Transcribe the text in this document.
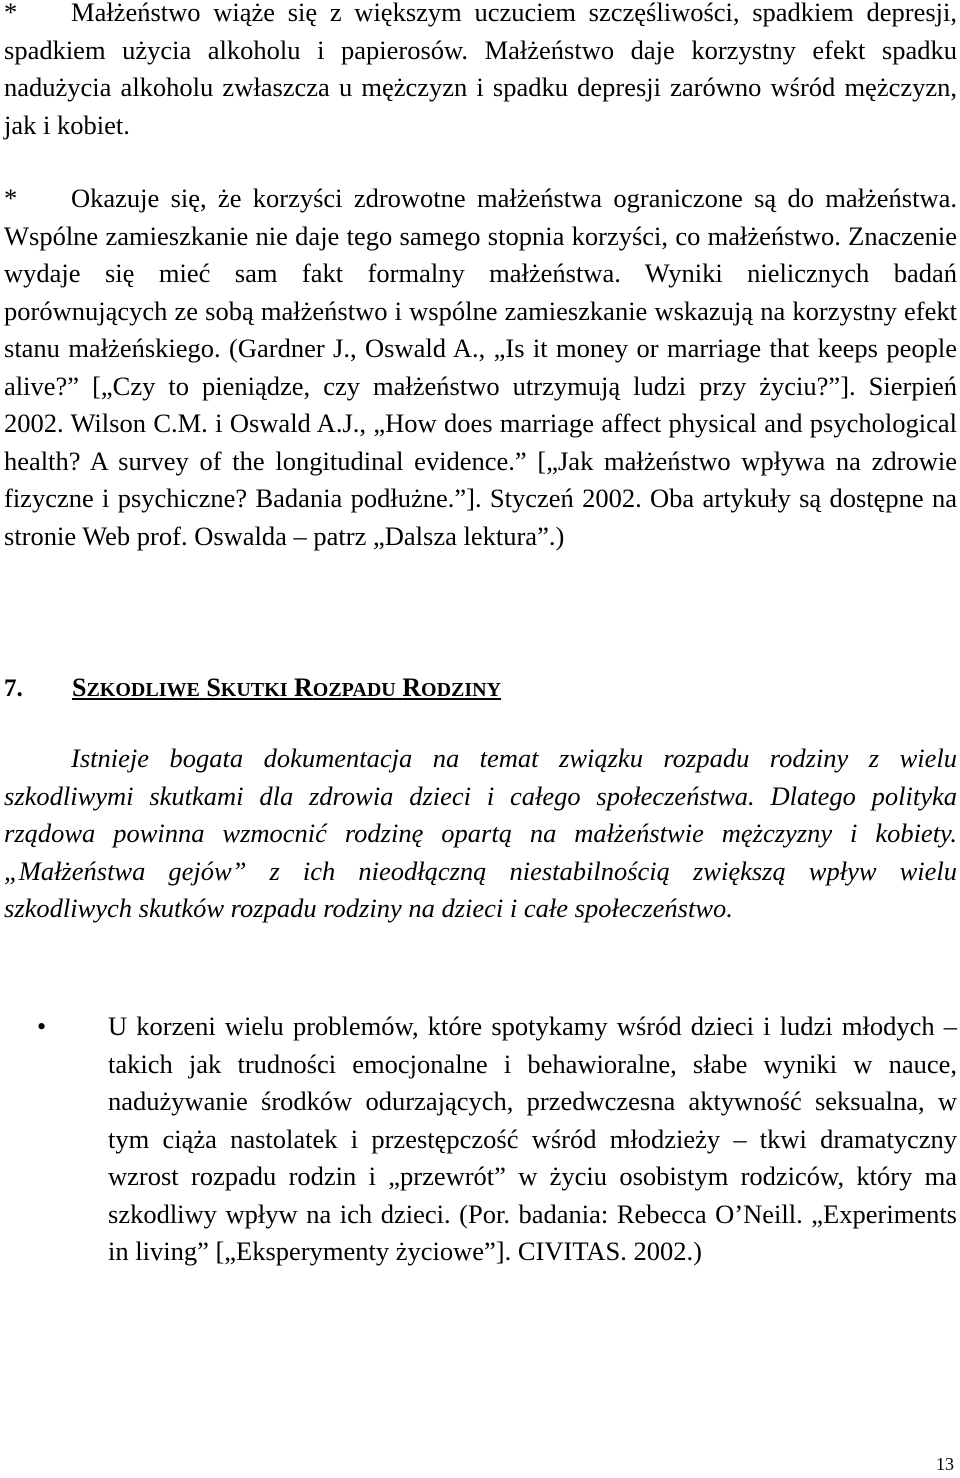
* Małżeństwo wiąże się z większym uczuciem szczęśliwości, spadkiem depresji, spadkiem użycia alkoholu i papierosów. Małżeństwo daje korzystny efekt spadku nadużycia alkoholu zwłaszcza u mężczyzn i spadku depresji zarówno wśród mężczyzn, jak i kobiet.

* Okazuje się, że korzyści zdrowotne małżeństwa ograniczone są do małżeństwa. Wspólne zamieszkanie nie daje tego samego stopnia korzyści, co małżeństwo. Znaczenie wydaje się mieć sam fakt formalny małżeństwa. Wyniki nielicznych badań porównujących ze sobą małżeństwo i wspólne zamieszkanie wskazują na korzystny efekt stanu małżeńskiego. (Gardner J., Oswald A., „Is it money or marriage that keeps people alive?” [„Czy to pieniądze, czy małżeństwo utrzymują ludzi przy życiu?”]. Sierpień 2002. Wilson C.M. i Oswald A.J., „How does marriage affect physical and psychological health? A survey of the longitudinal evidence.” [„Jak małżeństwo wpływa na zdrowie fizyczne i psychiczne? Badania podłużne.”]. Styczeń 2002. Oba artykuły są dostępne na stronie Web prof. Oswalda – patrz „Dalsza lektura”.)

7. SZKODLIWE SKUTKI ROZPADU RODZINY

Istnieje bogata dokumentacja na temat związku rozpadu rodziny z wielu szkodliwymi skutkami dla zdrowia dzieci i całego społeczeństwa. Dlatego polityka rządowa powinna wzmocnić rodzinę opartą na małżeństwie mężczyzny i kobiety. „Małżeństwa gejów” z ich nieodłączną niestabilnością zwiększą wpływ wielu szkodliwych skutków rozpadu rodziny na dzieci i całe społeczeństwo.

• U korzeni wielu problemów, które spotykamy wśród dzieci i ludzi młodych – takich jak trudności emocjonalne i behawioralne, słabe wyniki w nauce, nadużywanie środków odurzających, przedwczesna aktywność seksualna, w tym ciąża nastolatek i przestępczość wśród młodzieży – tkwi dramatyczny wzrost rozpadu rodzin i „przewrót” w życiu osobistym rodziców, który ma szkodliwy wpływ na ich dzieci. (Por. badania: Rebecca O’Neill. „Experiments in living” [„Eksperymenty życiowe”]. CIVITAS. 2002.)

13
